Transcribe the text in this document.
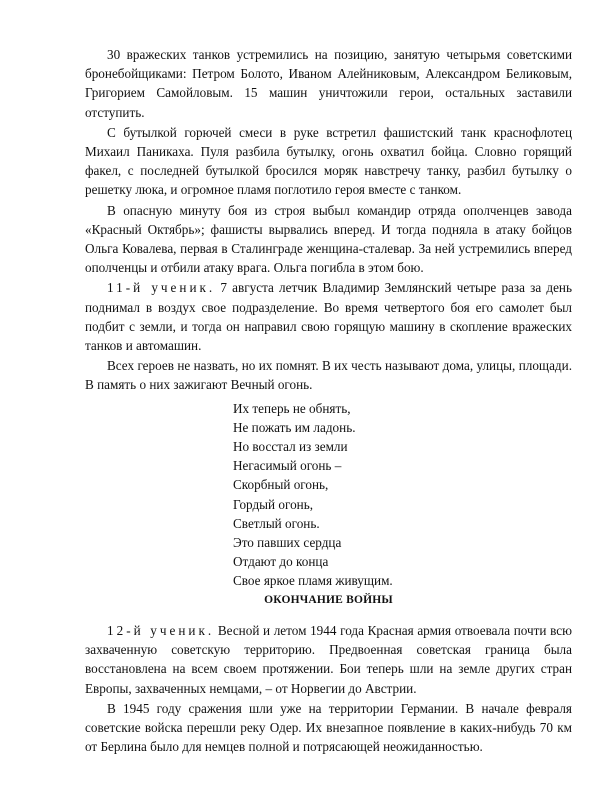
30 вражеских танков устремились на позицию, занятую четырьмя советскими бронебойщиками: Петром Болото, Иваном Алейниковым, Александром Беликовым, Григорием Самойловым. 15 машин уничтожили герои, остальных заставили отступить.

С бутылкой горючей смеси в руке встретил фашистский танк краснофлотец Михаил Паникаха. Пуля разбила бутылку, огонь охватил бойца. Словно горящий факел, с последней бутылкой бросился моряк навстречу танку, разбил бутылку о решетку люка, и огромное пламя поглотило героя вместе с танком.

В опасную минуту боя из строя выбыл командир отряда ополченцев завода «Красный Октябрь»; фашисты вырвались вперед. И тогда подняла в атаку бойцов Ольга Ковалева, первая в Сталинграде женщина-сталевар. За ней устремились вперед ополченцы и отбили атаку врага. Ольга погибла в этом бою.

11-й ученик. 7 августа летчик Владимир Землянский четыре раза за день поднимал в воздух свое подразделение. Во время четвертого боя его самолет был подбит с земли, и тогда он направил свою горящую машину в скопление вражеских танков и автомашин.

Всех героев не назвать, но их помнят. В их честь называют дома, улицы, площади. В память о них зажигают Вечный огонь.

Их теперь не обнять,
Не пожать им ладонь.
Но восстал из земли
Негасимый огонь –
Скорбный огонь,
Гордый огонь,
Светлый огонь.
Это павших сердца
Отдают до конца
Свое яркое пламя живущим.
ОКОНЧАНИЕ ВОЙНЫ

12-й ученик. Весной и летом 1944 года Красная армия отвоевала почти всю захваченную советскую территорию. Предвоенная советская граница была восстановлена на всем своем протяжении. Бои теперь шли на земле других стран Европы, захваченных немцами, – от Норвегии до Австрии.

В 1945 году сражения шли уже на территории Германии. В начале февраля советские войска перешли реку Одер. Их внезапное появление в каких-нибудь 70 км от Берлина было для немцев полной и потрясающей неожиданностью.
